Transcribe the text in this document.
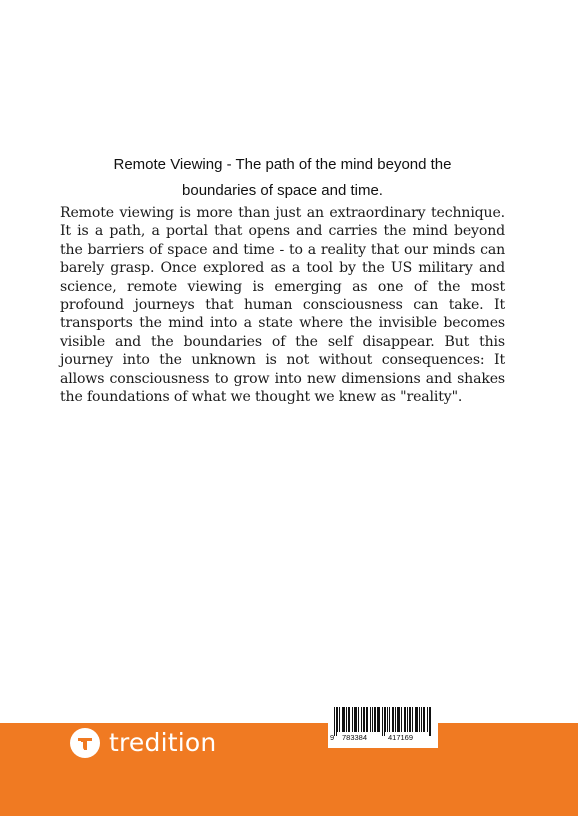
Remote Viewing - The path of the mind beyond the
boundaries of space and time.
Remote viewing is more than just an extraordinary technique. It is a path, a portal that opens and carries the mind beyond the barriers of space and time - to a reality that our minds can barely grasp. Once explored as a tool by the US military and science, remote viewing is emerging as one of the most profound journeys that human consciousness can take. It transports the mind into a state where the invisible becomes visible and the boundaries of the self disappear. But this journey into the unknown is not without consequences: It allows consciousness to grow into new dimensions and shakes the foundations of what we thought we knew as "reality".
tredition	9 783384	417169
